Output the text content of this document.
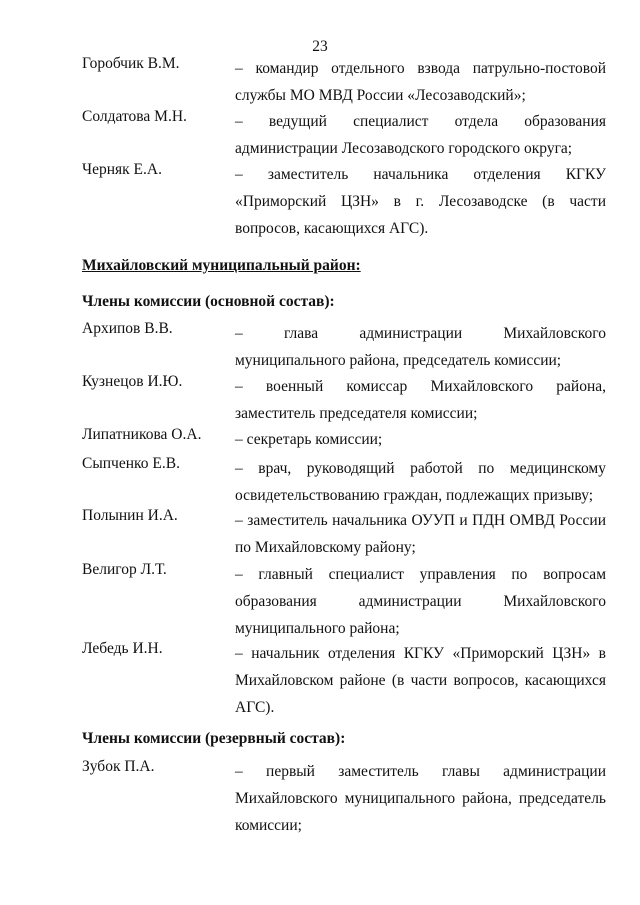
23
Горобчик В.М.	– командир отдельного взвода патрульно-постовой службы МО МВД России «Лесозаводский»;
Солдатова М.Н.	– ведущий специалист отдела образования администрации Лесозаводского городского округа;
Черняк Е.А.	– заместитель начальника отделения КГКУ «Приморский ЦЗН» в г. Лесозаводске (в части вопросов, касающихся АГС).
Михайловский муниципальный район:
Члены комиссии (основной состав):
Архипов В.В.	– глава администрации Михайловского муниципального района, председатель комиссии;
Кузнецов И.Ю.	– военный комиссар Михайловского района, заместитель председателя комиссии;
Липатникова О.А. – секретарь комиссии;
Сыпченко Е.В.	– врач, руководящий работой по медицинскому освидетельствованию граждан, подлежащих призыву;
Полынин И.А.	– заместитель начальника ОУУП и ПДН ОМВД России по Михайловскому району;
Велигор Л.Т.	– главный специалист управления по вопросам образования администрации Михайловского муниципального района;
Лебедь И.Н.	– начальник отделения КГКУ «Приморский ЦЗН» в Михайловском районе (в части вопросов, касающихся АГС).
Члены комиссии (резервный состав):
Зубок П.А.	– первый заместитель главы администрации Михайловского муниципального района, председатель комиссии;
